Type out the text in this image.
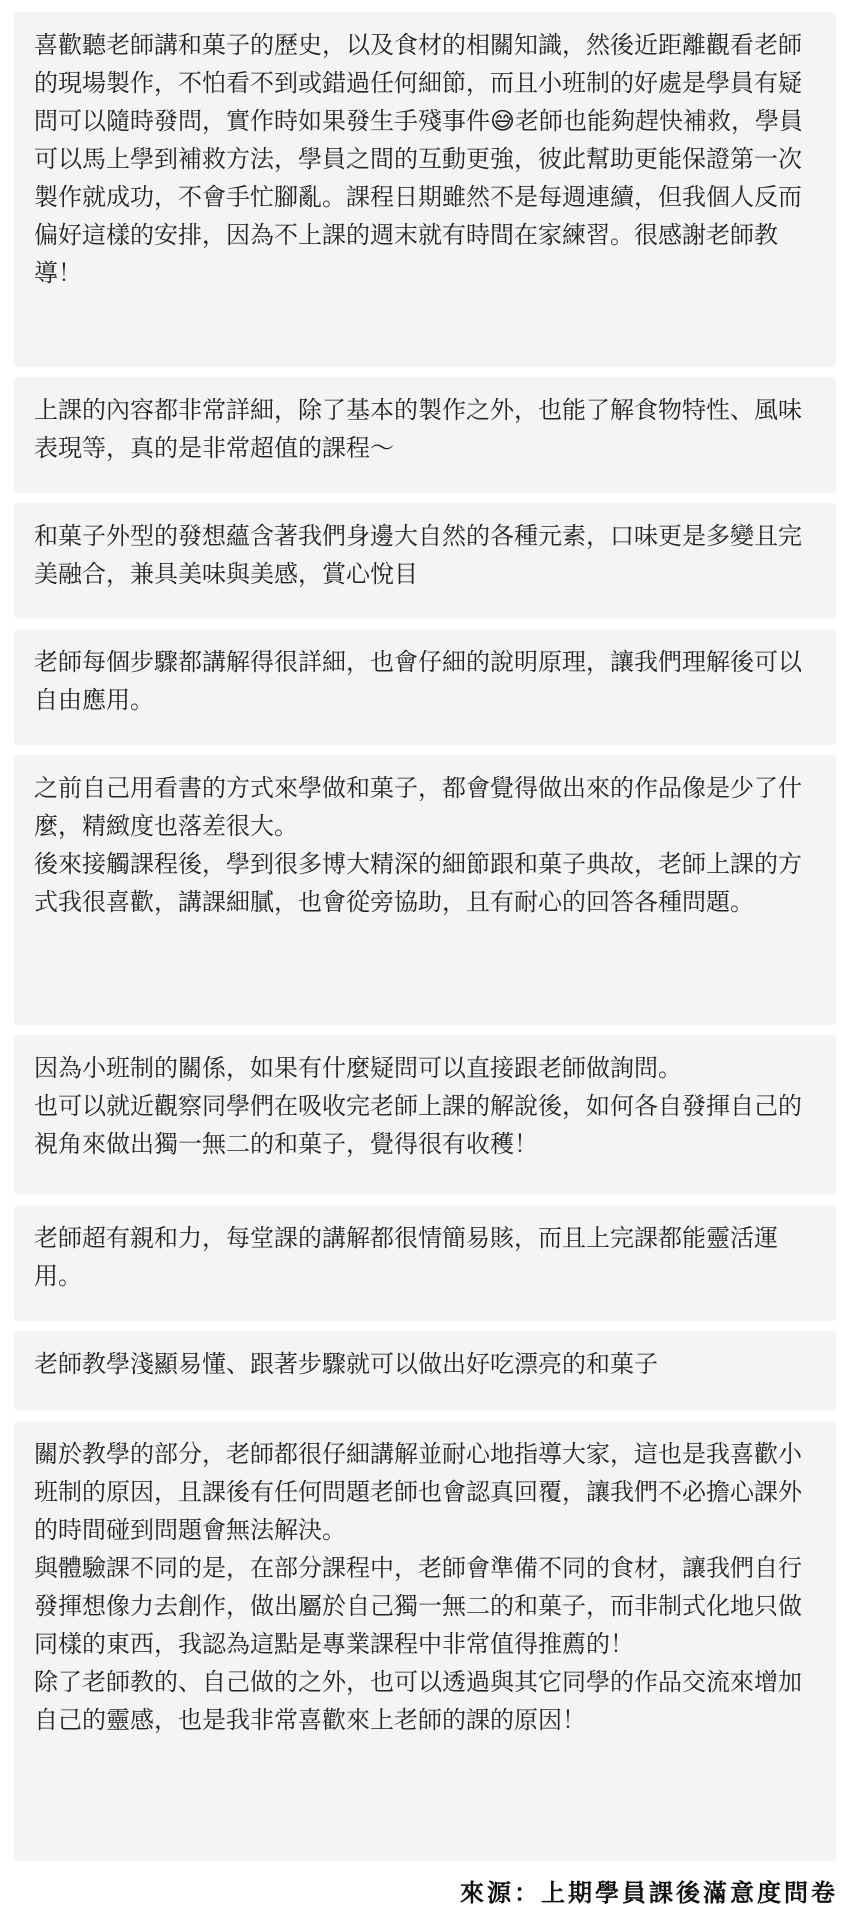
喜歡聽老師講和菓子的歷史，以及食材的相關知識，然後近距離觀看老師的現場製作，不怕看不到或錯過任何細節，而且小班制的好處是學員有疑問可以隨時發問，實作時如果發生手殘事件😅老師也能夠趕快補救，學員可以馬上學到補救方法，學員之間的互動更強，彼此幫助更能保證第一次製作就成功，不會手忙腳亂。課程日期雖然不是每週連續，但我個人反而偏好這樣的安排，因為不上課的週末就有時間在家練習。很感謝老師教導！

上課的內容都非常詳細，除了基本的製作之外，也能了解食物特性、風味表現等，真的是非常超值的課程～

和菓子外型的發想蘊含著我們身邊大自然的各種元素，口味更是多變且完美融合，兼具美味與美感，賞心悅目

老師每個步驟都講解得很詳細，也會仔細的說明原理，讓我們理解後可以自由應用。

之前自己用看書的方式來學做和菓子，都會覺得做出來的作品像是少了什麼，精緻度也落差很大。
後來接觸課程後，學到很多博大精深的細節跟和菓子典故，老師上課的方式我很喜歡，講課細膩，也會從旁協助，且有耐心的回答各種問題。

因為小班制的關係，如果有什麼疑問可以直接跟老師做詢問。
也可以就近觀察同學們在吸收完老師上課的解說後，如何各自發揮自己的視角來做出獨一無二的和菓子，覺得很有收穫！

老師超有親和力，每堂課的講解都很情簡易賅，而且上完課都能靈活運用。

老師教學淺顯易懂、跟著步驟就可以做出好吃漂亮的和菓子

關於教學的部分，老師都很仔細講解並耐心地指導大家，這也是我喜歡小班制的原因，且課後有任何問題老師也會認真回覆，讓我們不必擔心課外的時間碰到問題會無法解決。
與體驗課不同的是，在部分課程中，老師會準備不同的食材，讓我們自行發揮想像力去創作，做出屬於自己獨一無二的和菓子，而非制式化地只做同樣的東西，我認為這點是專業課程中非常值得推薦的！
除了老師教的、自己做的之外，也可以透過與其它同學的作品交流來增加自己的靈感，也是我非常喜歡來上老師的課的原因！

來源：上期學員課後滿意度問卷
